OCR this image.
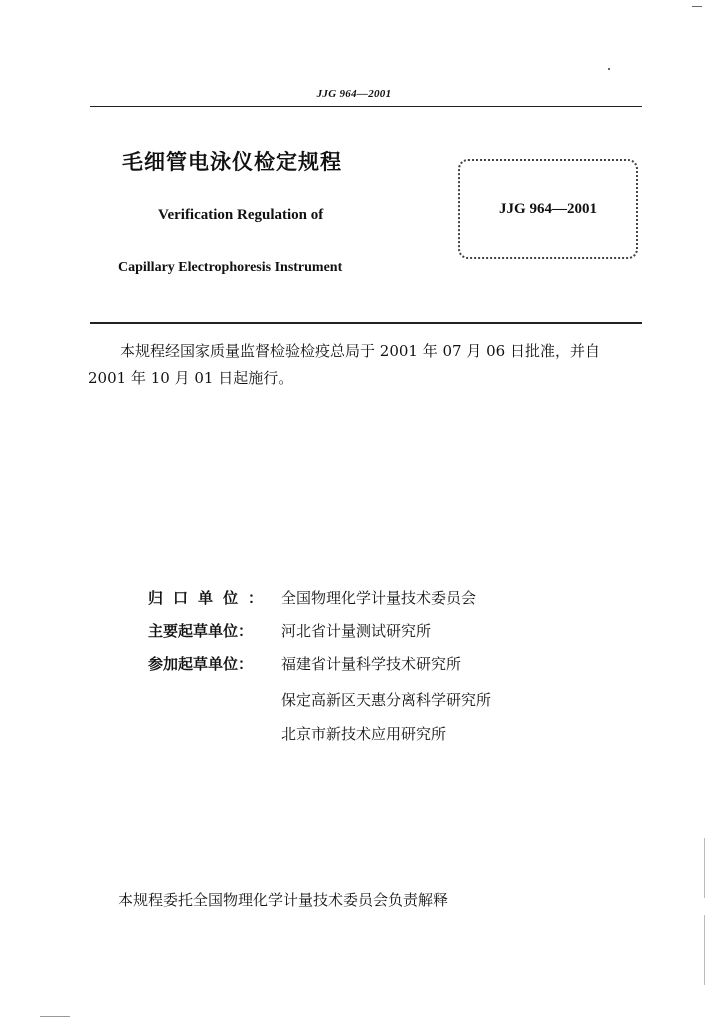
JJG 964—2001
毛细管电泳仪检定规程
Verification Regulation of
Capillary Electrophoresis Instrument
JJG 964—2001
本规程经国家质量监督检验检疫总局于 2001 年 07 月 06 日批准，并自
2001 年 10 月 01 日起施行。
归口单位： 全国物理化学计量技术委员会
主要起草单位：	河北省计量测试研究所
参加起草单位：	福建省计量科学技术研究所
保定高新区天惠分离科学研究所
北京市新技术应用研究所
本规程委托全国物理化学计量技术委员会负责解释
